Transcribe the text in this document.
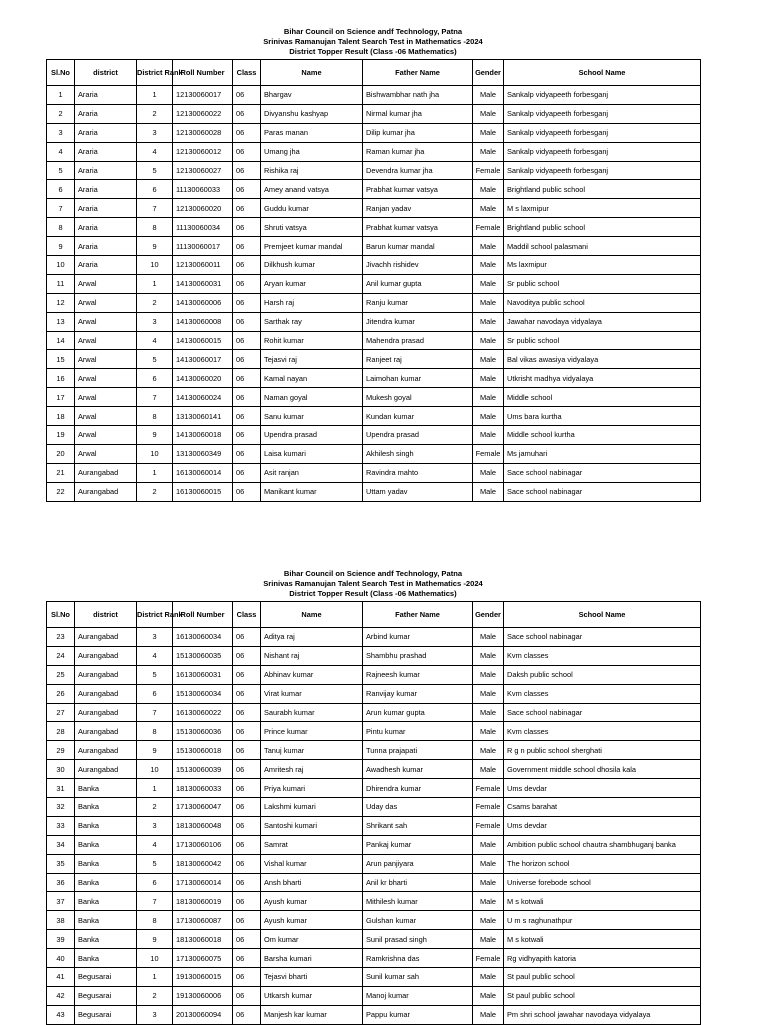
Bihar Council on Science andf Technology, Patna
Srinivas Ramanujan Talent Search Test in Mathematics -2024
District Topper Result (Class -06 Mathematics)
Sl.No	district	District Rank	Roll Number	Class	Name	Father Name	Gender	School Name
1	Araria	1	12130060017	06	Bhargav	Bishwambhar nath jha	Male	Sankalp vidyapeeth forbesganj
2	Araria	2	12130060022	06	Divyanshu kashyap	Nirmal kumar jha	Male	Sankalp vidyapeeth forbesganj
3	Araria	3	12130060028	06	Paras manan	Dilip kumar jha	Male	Sankalp vidyapeeth forbesganj
4	Araria	4	12130060012	06	Umang jha	Raman kumar jha	Male	Sankalp vidyapeeth forbesganj
5	Araria	5	12130060027	06	Rishika raj	Devendra kumar jha	Female	Sankalp vidyapeeth forbesganj
6	Araria	6	11130060033	06	Amey anand vatsya	Prabhat kumar vatsya	Male	Brightland public school
7	Araria	7	12130060020	06	Guddu kumar	Ranjan yadav	Male	M s laxmipur
8	Araria	8	11130060034	06	Shruti vatsya	Prabhat kumar vatsya	Female	Brightland public school
9	Araria	9	11130060017	06	Premjeet kumar mandal	Barun kumar mandal	Male	Maddil school palasmani
10	Araria	10	12130060011	06	Dilkhush kumar	Jivachh rishidev	Male	Ms laxmipur
11	Arwal	1	14130060031	06	Aryan kumar	Anil kumar gupta	Male	Sr public school
12	Arwal	2	14130060006	06	Harsh raj	Ranju kumar	Male	Navoditya public school
13	Arwal	3	14130060008	06	Sarthak ray	Jitendra kumar	Male	Jawahar navodaya vidyalaya
14	Arwal	4	14130060015	06	Rohit kumar	Mahendra prasad	Male	Sr public school
15	Arwal	5	14130060017	06	Tejasvi raj	Ranjeet raj	Male	Bal vikas awasiya vidyalaya
16	Arwal	6	14130060020	06	Kamal nayan	Laimohan kumar	Male	Utkrisht madhya vidyalaya
17	Arwal	7	14130060024	06	Naman goyal	Mukesh goyal	Male	Middle school
18	Arwal	8	13130060141	06	Sanu kumar	Kundan kumar	Male	Ums bara kurtha
19	Arwal	9	14130060018	06	Upendra prasad	Upendra prasad	Male	Middle school kurtha
20	Arwal	10	13130060349	06	Laisa kumari	Akhilesh singh	Female	Ms jamuhari
21	Aurangabad	1	16130060014	06	Asit ranjan	Ravindra mahto	Male	Sace school nabinagar
22	Aurangabad	2	16130060015	06	Manikant kumar	Uttam yadav	Male	Sace school nabinagar
Bihar Council on Science andf Technology, Patna
Srinivas Ramanujan Talent Search Test in Mathematics -2024
District Topper Result (Class -06 Mathematics)
Sl.No	district	District Rank	Roll Number	Class	Name	Father Name	Gender	School Name
23	Aurangabad	3	16130060034	06	Aditya raj	Arbind kumar	Male	Sace school nabinagar
24	Aurangabad	4	15130060035	06	Nishant raj	Shambhu prashad	Male	Kvm classes
25	Aurangabad	5	16130060031	06	Abhinav kumar	Rajneesh kumar	Male	Daksh public school
26	Aurangabad	6	15130060034	06	Virat kumar	Ranvijay kumar	Male	Kvm classes
27	Aurangabad	7	16130060022	06	Saurabh kumar	Arun kumar gupta	Male	Sace school nabinagar
28	Aurangabad	8	15130060036	06	Prince kumar	Pintu kumar	Male	Kvm classes
29	Aurangabad	9	15130060018	06	Tanuj kumar	Tunna prajapati	Male	R g n public school sherghati
30	Aurangabad	10	15130060039	06	Amritesh raj	Awadhesh kumar	Male	Government middle school dhosila kala
31	Banka	1	18130060033	06	Priya kumari	Dhirendra kumar	Female	Ums devdar
32	Banka	2	17130060047	06	Lakshmi kumari	Uday das	Female	Csams barahat
33	Banka	3	18130060048	06	Santoshi kumari	Shrikant sah	Female	Ums devdar
34	Banka	4	17130060106	06	Samrat	Pankaj kumar	Male	Ambition public school chautra shambhuganj banka
35	Banka	5	18130060042	06	Vishal kumar	Arun panjiyara	Male	The horizon school
36	Banka	6	17130060014	06	Ansh bharti	Anil kr bharti	Male	Universe forebode school
37	Banka	7	18130060019	06	Ayush kumar	Mithilesh kumar	Male	M s kotwali
38	Banka	8	17130060087	06	Ayush kumar	Gulshan kumar	Male	U m s raghunathpur
39	Banka	9	18130060018	06	Om kumar	Sunil prasad singh	Male	M s kotwali
40	Banka	10	17130060075	06	Barsha kumari	Ramkrishna das	Female	Rg vidhyapith katoria
41	Begusarai	1	19130060015	06	Tejasvi bharti	Sunil kumar sah	Male	St paul public school
42	Begusarai	2	19130060006	06	Utkarsh kumar	Manoj kumar	Male	St paul public school
43	Begusarai	3	20130060094	06	Manjesh kar kumar	Pappu kumar	Male	Pm shri school jawahar navodaya vidyalaya
